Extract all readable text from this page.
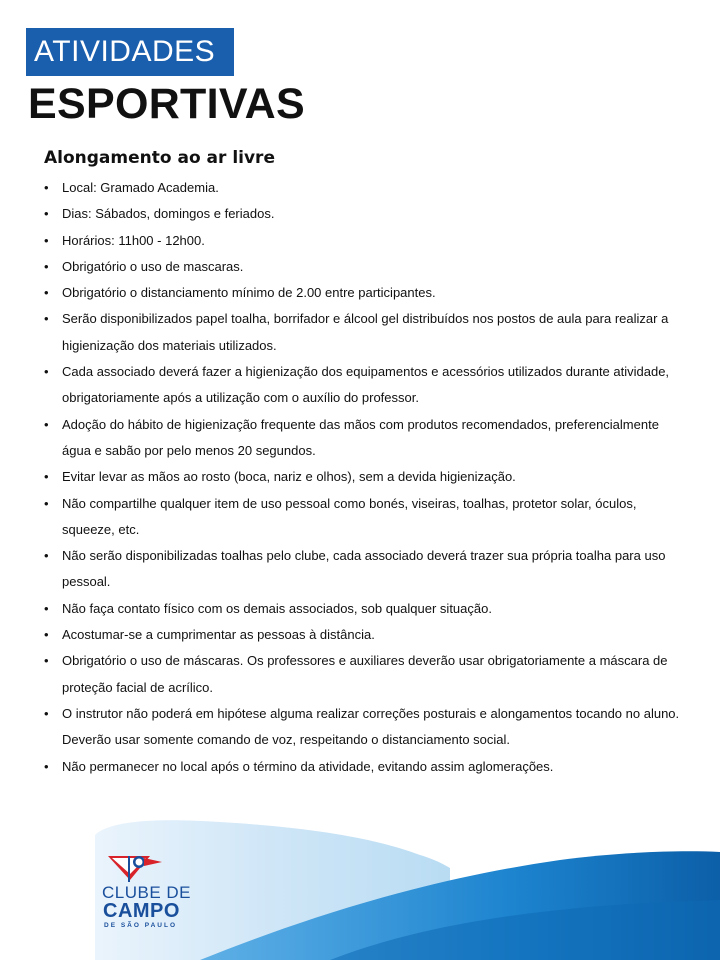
ATIVIDADES
ESPORTIVAS
Alongamento ao ar livre
• Local: Gramado Academia.
• Dias: Sábados, domingos e feriados.
• Horários: 11h00 - 12h00.
• Obrigatório o uso de mascaras.
• Obrigatório o distanciamento mínimo de 2.00 entre participantes.
• Serão disponibilizados papel toalha, borrifador e álcool gel distribuídos nos postos de aula para realizar a higienização dos materiais utilizados.
• Cada associado deverá fazer a higienização dos equipamentos e acessórios utilizados durante atividade, obrigatoriamente após a utilização com o auxílio do professor.
• Adoção do hábito de higienização frequente das mãos com produtos recomendados, preferencialmente água e sabão por pelo menos 20 segundos.
• Evitar levar as mãos ao rosto (boca, nariz e olhos), sem a devida higienização.
• Não compartilhe qualquer item de uso pessoal como bonés, viseiras, toalhas, protetor solar, óculos, squeeze, etc.
• Não serão disponibilizadas toalhas pelo clube, cada associado deverá trazer sua própria toalha para uso pessoal.
• Não faça contato físico com os demais associados, sob qualquer situação.
• Acostumar-se a cumprimentar as pessoas à distância.
• Obrigatório o uso de máscaras. Os professores e auxiliares deverão usar obrigatoriamente a máscara de proteção facial de acrílico.
• O instrutor não poderá em hipótese alguma realizar correções posturais e alongamentos tocando no aluno. Deverão usar somente comando de voz, respeitando o distanciamento social.
• Não permanecer no local após o término da atividade, evitando assim aglomerações.
CLUBE DE
CAMPO
DE SÃO PAULO
